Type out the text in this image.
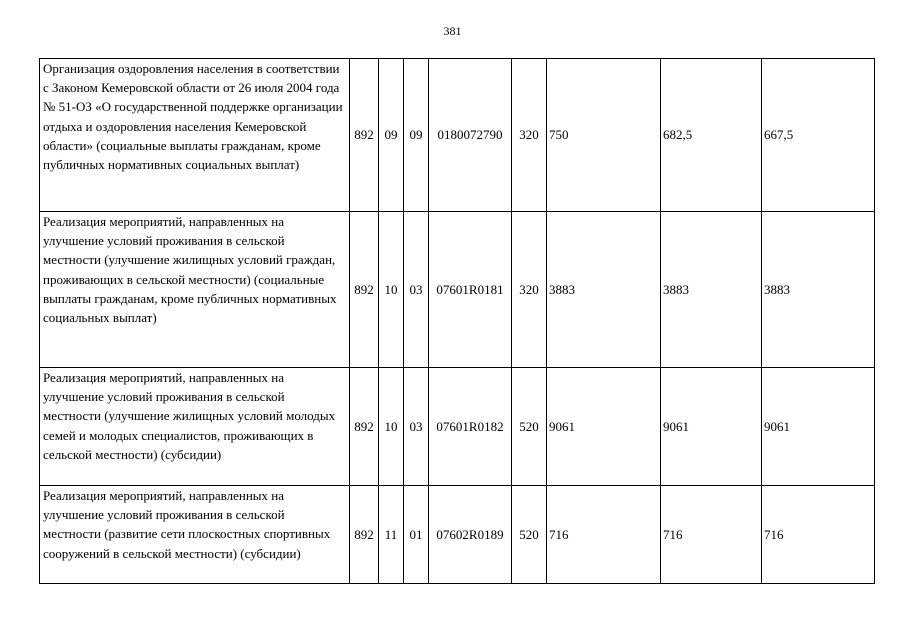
381
Организация оздоровления населения в соответствии с Законом Кемеровской области от 26 июля 2004 года № 51-ОЗ «О государственной поддержке организации отдыха и оздоровления населения Кемеровской области» (социальные выплаты гражданам, кроме публичных нормативных социальных выплат)	892	09	09	0180072790	320	750	682,5	667,5
Реализация мероприятий, направленных на улучшение условий проживания в сельской местности (улучшение жилищных условий граждан, проживающих в сельской местности) (социальные выплаты гражданам, кроме публичных нормативных социальных выплат)	892	10	03	07601R0181	320	3883	3883	3883
Реализация мероприятий, направленных на улучшение условий проживания в сельской местности (улучшение жилищных условий молодых семей и молодых специалистов, проживающих в сельской местности) (субсидии)	892	10	03	07601R0182	520	9061	9061	9061
Реализация мероприятий, направленных на улучшение условий проживания в сельской местности (развитие сети плоскостных спортивных сооружений в сельской местности) (субсидии)	892	11	01	07602R0189	520	716	716	716
